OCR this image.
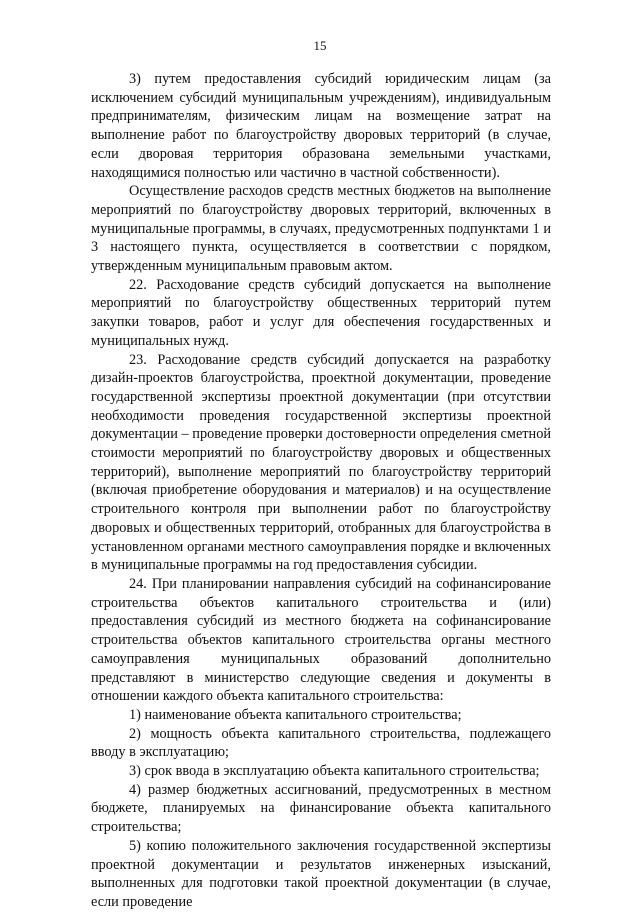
15

3) путем предоставления субсидий юридическим лицам (за исключением субсидий муниципальным учреждениям), индивидуальным предпринимателям, физическим лицам на возмещение затрат на выполнение работ по благоустройству дворовых территорий (в случае, если дворовая территория образована земельными участками, находящимися полностью или частично в частной собственности).

Осуществление расходов средств местных бюджетов на выполнение мероприятий по благоустройству дворовых территорий, включенных в муниципальные программы, в случаях, предусмотренных подпунктами 1 и 3 настоящего пункта, осуществляется в соответствии с порядком, утвержденным муниципальным правовым актом.

22. Расходование средств субсидий допускается на выполнение мероприятий по благоустройству общественных территорий путем закупки товаров, работ и услуг для обеспечения государственных и муниципальных нужд.

23. Расходование средств субсидий допускается на разработку дизайн-проектов благоустройства, проектной документации, проведение государственной экспертизы проектной документации (при отсутствии необходимости проведения государственной экспертизы проектной документации – проведение проверки достоверности определения сметной стоимости мероприятий по благоустройству дворовых и общественных территорий), выполнение мероприятий по благоустройству территорий (включая приобретение оборудования и материалов) и на осуществление строительного контроля при выполнении работ по благоустройству дворовых и общественных территорий, отобранных для благоустройства в установленном органами местного самоуправления порядке и включенных в муниципальные программы на год предоставления субсидии.

24. При планировании направления субсидий на софинансирование строительства объектов капитального строительства и (или) предоставления субсидий из местного бюджета на софинансирование строительства объектов капитального строительства органы местного самоуправления муниципальных образований дополнительно представляют в министерство следующие сведения и документы в отношении каждого объекта капитального строительства:

1) наименование объекта капитального строительства;

2) мощность объекта капитального строительства, подлежащего вводу в эксплуатацию;

3) срок ввода в эксплуатацию объекта капитального строительства;

4) размер бюджетных ассигнований, предусмотренных в местном бюджете, планируемых на финансирование объекта капитального строительства;

5) копию положительного заключения государственной экспертизы проектной документации и результатов инженерных изысканий, выполненных для подготовки такой проектной документации (в случае, если проведение
